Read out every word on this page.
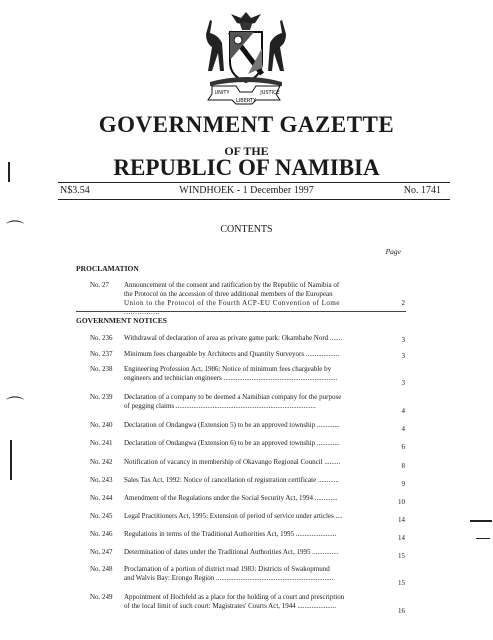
UNITY	JUSTICE
LIBERTY
GOVERNMENT GAZETTE
OF THE
REPUBLIC OF NAMIBIA
N$3.54	WINDHOEK - 1 December 1997	No. 1741
CONTENTS
Page
PROCLAMATION
No. 27 Announcement of the consent and ratification by the Republic of Namibia of
the Protocol on the accession of three additional members of the European
Union to the Protocol of the Fourth ACP-EU Convention of Lome ................
2
GOVERNMENT NOTICES
No. 236 Withdrawal of declaration of area as private game park: Okambahe Nord .......	3
No. 237 Minimum fees chargeable by Architects and Quantity Surveyors ...................	3
No. 238 Engineering Profession Act, 1986: Notice of minimum fees chargeable by
engineers and technician engineers .................................................................
3
No. 239 Declaration of a company to be deemed a Namibian company for the purpose
of pegging claims ................................................................................
4
No. 240 Declaration of Ondangwa (Extension 5) to be an approved township .............	4
No. 241 Declaration of Ondangwa (Extension 6) to be an approved township .............	6
No. 242 Notification of vacancy in membership of Okavango Regional Council .........	8
No. 243 Sales Tax Act, 1992: Notice of cancellation of registration certificate ............	9
No. 244 Amendment of the Regulations under the Social Security Act, 1994 .............	10
No. 245 Legal Practitioners Act, 1995: Extension of period of service under articles ....	14
No. 246 Regulations in terms of the Traditional Authorities Act, 1995 .......................	14
No. 247 Determination of dates under the Traditional Authorities Act, 1995 ...............	15
No. 248 Proclamation of a portion of district road 1983: Districts of Swakopmund
and Walvis Bay: Erongo Region ...................................................................
15
No. 249 Appointment of Hochfeld as a place for the holding of a court and prescription
of the local limit of such court: Magistrates' Courts Act, 1944 ......................
16
⌒
⌒
